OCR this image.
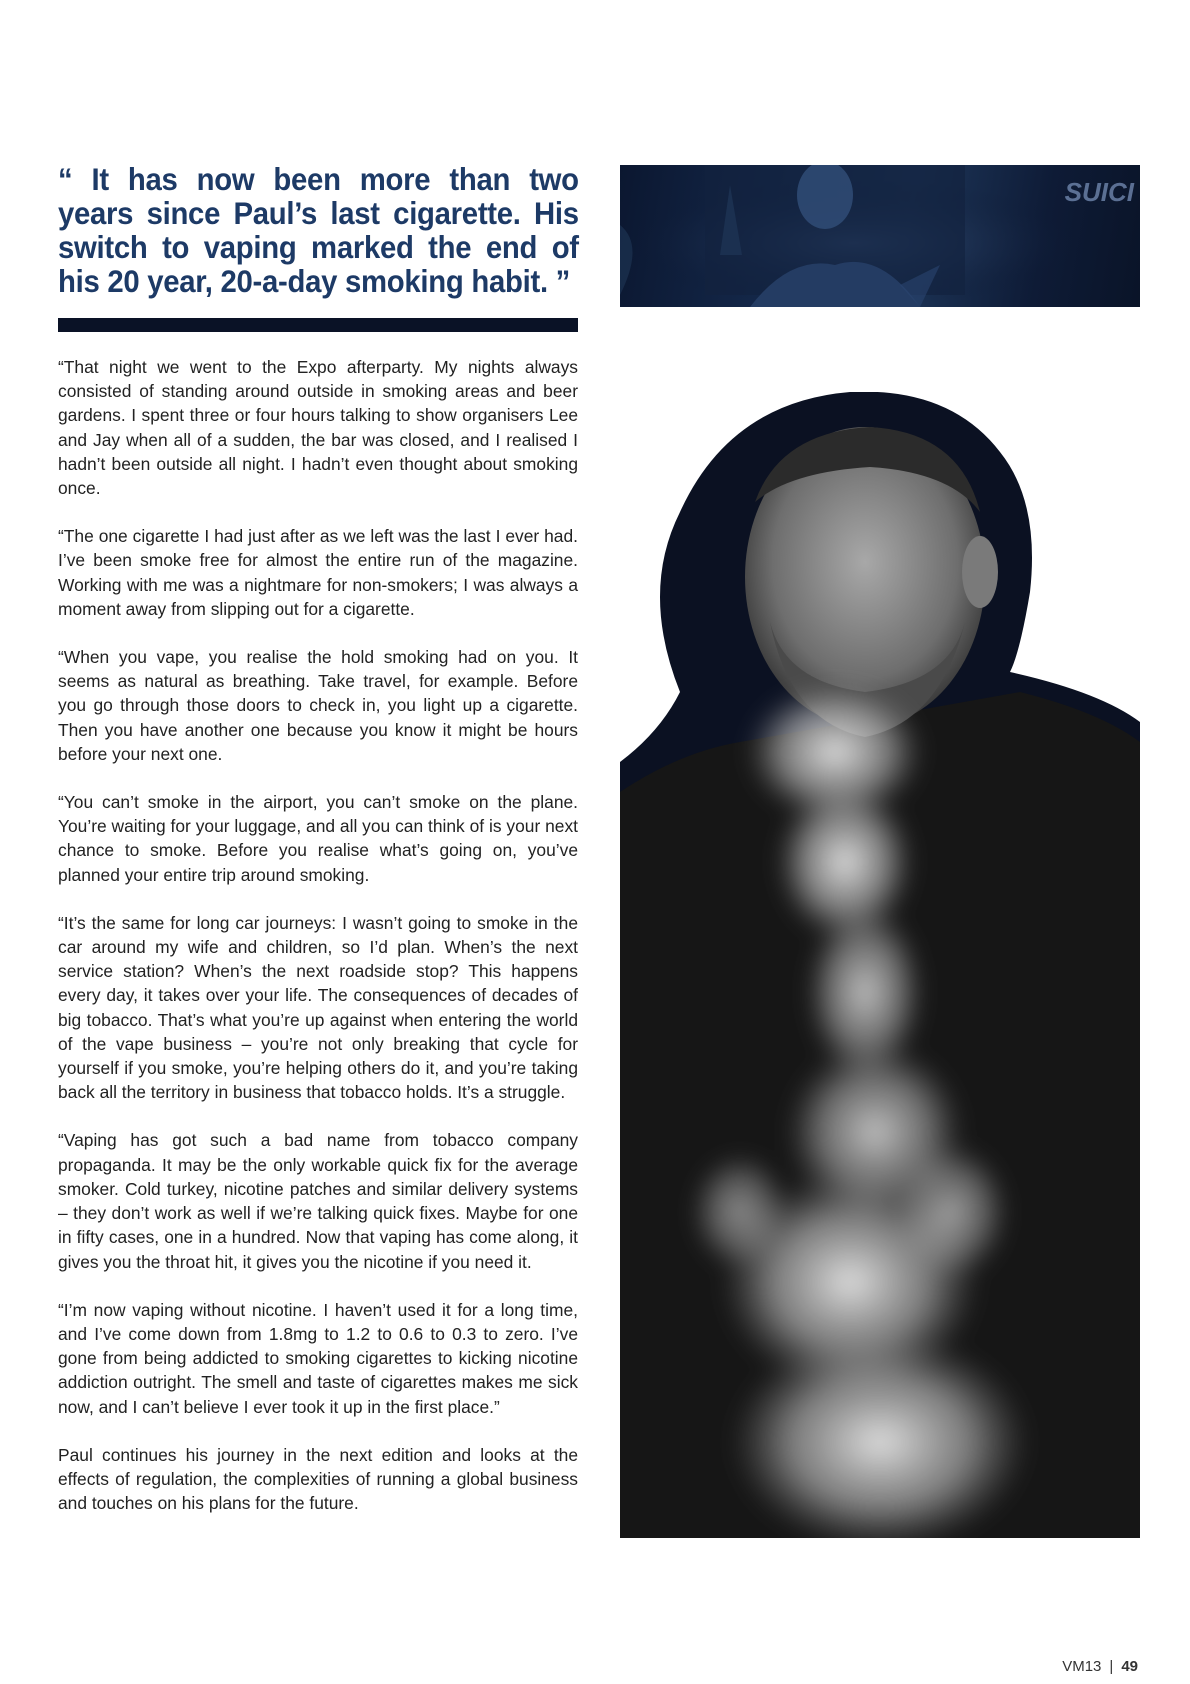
“ It has now been more than two years since Paul’s last cigarette. His switch to vaping marked the end of his 20 year, 20-a-day smoking habit. ”
SUICI

“That night we went to the Expo afterparty. My nights always consisted of standing around outside in smoking areas and beer gardens. I spent three or four hours talking to show organisers Lee and Jay when all of a sudden, the bar was closed, and I realised I hadn’t been outside all night. I hadn’t even thought about smoking once.

“The one cigarette I had just after as we left was the last I ever had. I’ve been smoke free for almost the entire run of the magazine. Working with me was a nightmare for non-smokers; I was always a moment away from slipping out for a cigarette.

“When you vape, you realise the hold smoking had on you. It seems as natural as breathing. Take travel, for example. Before you go through those doors to check in, you light up a cigarette. Then you have another one because you know it might be hours before your next one.

“You can’t smoke in the airport, you can’t smoke on the plane. You’re waiting for your luggage, and all you can think of is your next chance to smoke. Before you realise what’s going on, you’ve planned your entire trip around smoking.

“It’s the same for long car journeys: I wasn’t going to smoke in the car around my wife and children, so I’d plan. When’s the next service station? When’s the next roadside stop? This happens every day, it takes over your life. The consequences of decades of big tobacco. That’s what you’re up against when entering the world of the vape business – you’re not only breaking that cycle for yourself if you smoke, you’re helping others do it, and you’re taking back all the territory in business that tobacco holds. It’s a struggle.

“Vaping has got such a bad name from tobacco company propaganda. It may be the only workable quick fix for the average smoker. Cold turkey, nicotine patches and similar delivery systems – they don’t work as well if we’re talking quick fixes. Maybe for one in fifty cases, one in a hundred. Now that vaping has come along, it gives you the throat hit, it gives you the nicotine if you need it.

“I’m now vaping without nicotine. I haven’t used it for a long time, and I’ve come down from 1.8mg to 1.2 to 0.6 to 0.3 to zero. I’ve gone from being addicted to smoking cigarettes to kicking nicotine addiction outright. The smell and taste of cigarettes makes me sick now, and I can’t believe I ever took it up in the first place.”

Paul continues his journey in the next edition and looks at the effects of regulation, the complexities of running a global business and touches on his plans for the future.

VM13 | 49
